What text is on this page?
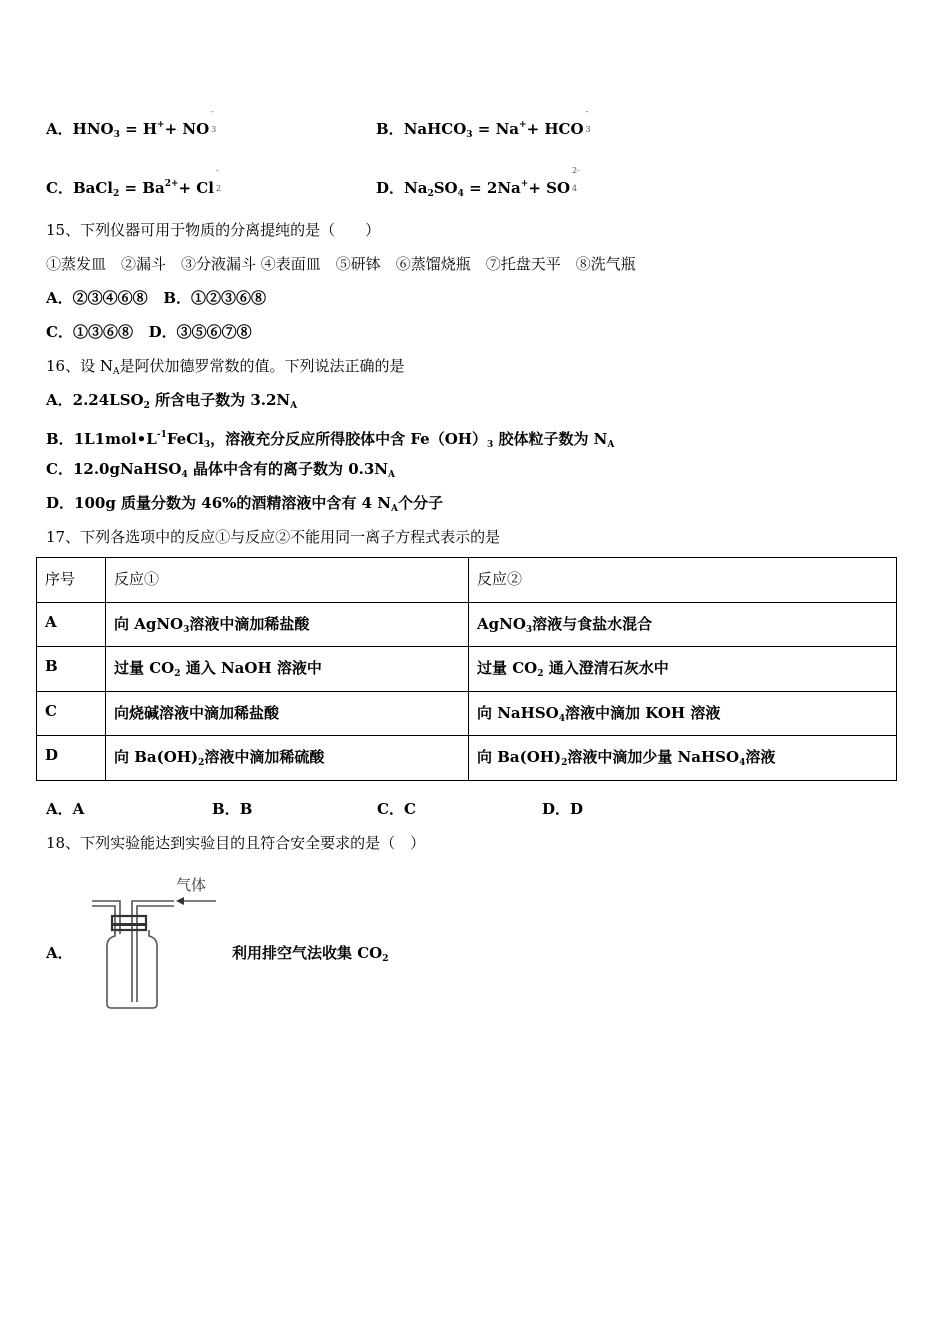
A．$HNO_3 = H^++$ NO
-

3	B．NaHCO$_3$ = Na++ HCO
-

3
C．BaCl$_2$ = $Ba^{2+}+ Cl$
-

2	D．$Na_2SO_4 = 2Na^++$ SO
2-

4
15、下列仪器可用于物质的分离提纯的是（　　）
①蒸发皿　②漏斗　③分液漏斗 ④表面皿　⑤研钵　⑥蒸馏烧瓶　⑦托盘天平　⑧洗气瓶
A．②③④⑥⑧ B．①②③⑥⑧
C．①③⑥⑧ D．③⑤⑥⑦⑧
16、设 $N_A$是阿伏加德罗常数的值。下列说法正确的是
A．$2.24LSO_2$ 所含电子数为 $3.2N_A$
B．$1L1mol•L^{-1}FeCl_3$，溶液充分反应所得胶体中含 $Fe(OH)_3$ 胶体粒子数为 $N_A$
C．12.0gNaHSO$_4$ 晶体中含有的离子数为 $0.3N_A$
D．100g 质量分数为 46%的酒精溶液中含有 4 $N_A$个分子
17、下列各选项中的反应①与反应②不能用同一离子方程式表示的是
序号	反应①	反应②
A	向 AgNO$_3$溶液中滴加稀盐酸	AgNO$_3$溶液与食盐水混合
B	过量 $CO_2$ 通入 NaOH 溶液中	过量 $CO_2$ 通入澄清石灰水中
C	向烧碱溶液中滴加稀盐酸	向 NaHSO$_4$溶液中滴加 KOH 溶液
D	向 $Ba(OH)_2$溶液中滴加稀硫酸	向 $Ba(OH)_2$溶液中滴加少量 NaHSO$_4$溶液
A．A	B．B	C．C	D．D
18、下列实验能达到实验目的且符合安全要求的是（　）
A．
气体
利用排空气法收集 $CO_2$
